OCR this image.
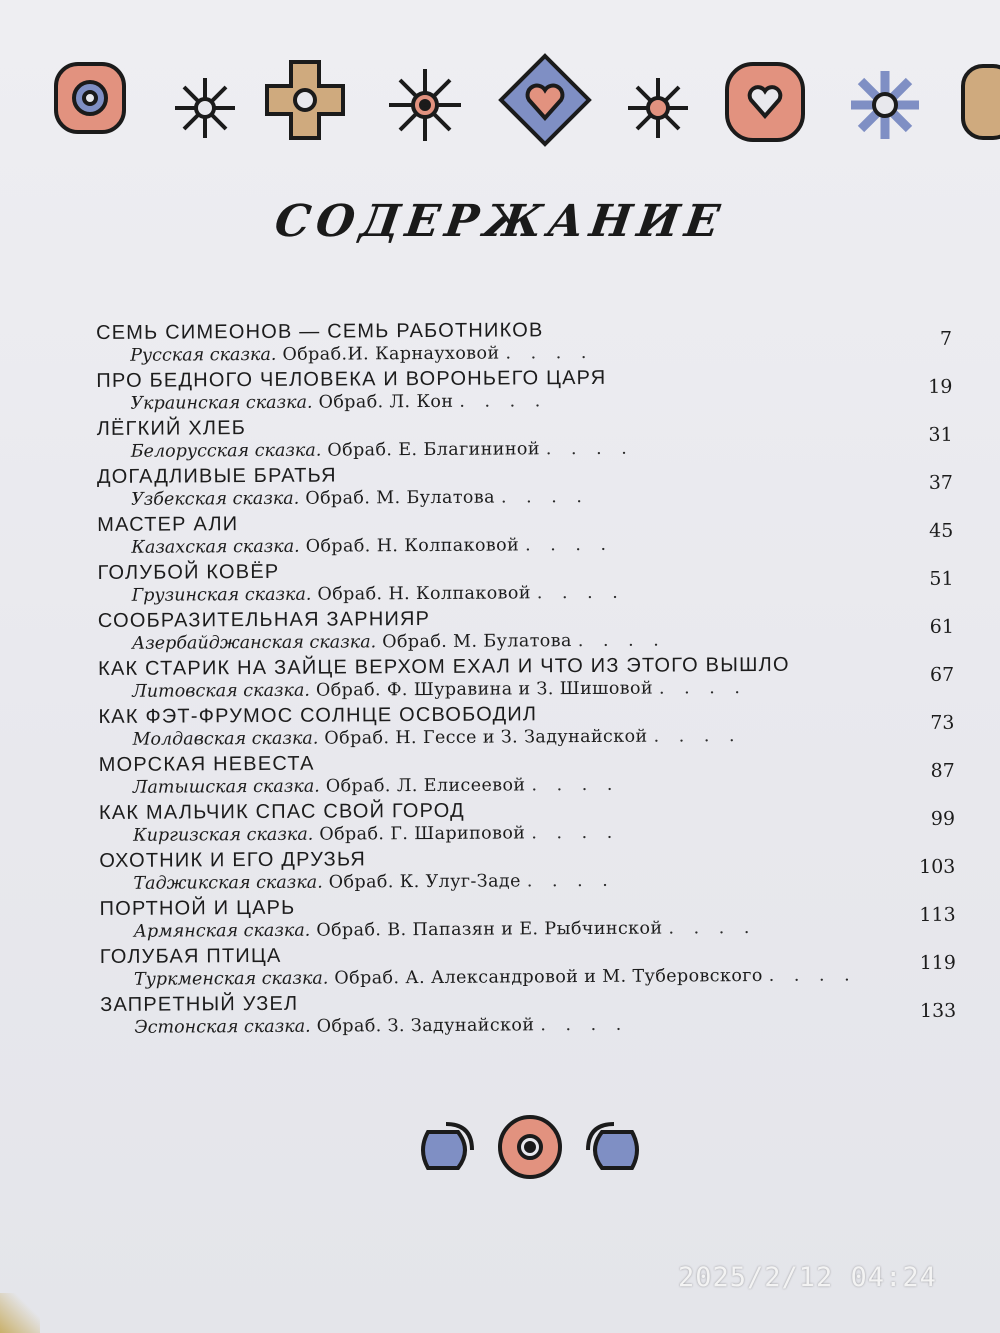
СОДЕРЖАНИЕ
СЕМЬ СИМЕОНОВ — СЕМЬ РАБОТНИКОВ
Русская сказка. Обраб.И. Карнауховой . . . .
7
ПРО БЕДНОГО ЧЕЛОВЕКА И ВОРОНЬЕГО ЦАРЯ
Украинская сказка. Обраб. Л. Кон . . . .
19
ЛЁГКИЙ ХЛЕБ
Белорусская сказка. Обраб. Е. Благининой . . . .
31
ДОГАДЛИВЫЕ БРАТЬЯ
Узбекская сказка. Обраб. М. Булатова . . . .
37
МАСТЕР АЛИ
Казахская сказка. Обраб. Н. Колпаковой . . . .
45
ГОЛУБОЙ КОВЁР
Грузинская сказка. Обраб. Н. Колпаковой . . . .
51
СООБРАЗИТЕЛЬНАЯ ЗАРНИЯР
Азербайджанская сказка. Обраб. М. Булатова . . . .
61
КАК СТАРИК НА ЗАЙЦЕ ВЕРХОМ ЕХАЛ И ЧТО ИЗ ЭТОГО ВЫШЛО
Литовская сказка. Обраб. Ф. Шуравина и З. Шишовой . . . .
67
КАК ФЭТ-ФРУМОС СОЛНЦЕ ОСВОБОДИЛ
Молдавская сказка. Обраб. Н. Гессе и З. Задунайской . . . .
73
МОРСКАЯ НЕВЕСТА
Латышская сказка. Обраб. Л. Елисеевой . . . .
87
КАК МАЛЬЧИК СПАС СВОЙ ГОРОД
Киргизская сказка. Обраб. Г. Шариповой . . . .
99
ОХОТНИК И ЕГО ДРУЗЬЯ
Таджикская сказка. Обраб. К. Улуг-Заде . . . .
103
ПОРТНОЙ И ЦАРЬ
Армянская сказка. Обраб. В. Папазян и Е. Рыбчинской . . . .
113
ГОЛУБАЯ ПТИЦА
Туркменская сказка. Обраб. А. Александровой и М. Туберовского . . . .
119
ЗАПРЕТНЫЙ УЗЕЛ
Эстонская сказка. Обраб. З. Задунайской . . . .
133
2025/2/12 04:24
